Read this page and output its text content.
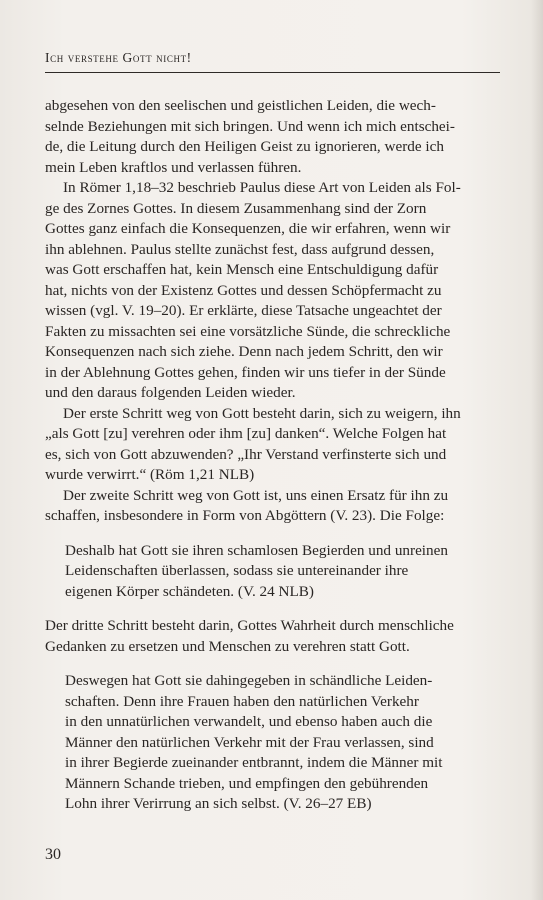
Ich verstehe Gott nicht!
abgesehen von den seelischen und geistlichen Leiden, die wech-
selnde Beziehungen mit sich bringen. Und wenn ich mich entschei-
de, die Leitung durch den Heiligen Geist zu ignorieren, werde ich
mein Leben kraftlos und verlassen führen.
In Römer 1,18–32 beschrieb Paulus diese Art von Leiden als Fol-
ge des Zornes Gottes. In diesem Zusammenhang sind der Zorn
Gottes ganz einfach die Konsequenzen, die wir erfahren, wenn wir
ihn ablehnen. Paulus stellte zunächst fest, dass aufgrund dessen,
was Gott erschaffen hat, kein Mensch eine Entschuldigung dafür
hat, nichts von der Existenz Gottes und dessen Schöpfermacht zu
wissen (vgl. V. 19–20). Er erklärte, diese Tatsache ungeachtet der
Fakten zu missachten sei eine vorsätzliche Sünde, die schreckliche
Konsequenzen nach sich ziehe. Denn nach jedem Schritt, den wir
in der Ablehnung Gottes gehen, finden wir uns tiefer in der Sünde
und den daraus folgenden Leiden wieder.
Der erste Schritt weg von Gott besteht darin, sich zu weigern, ihn
„als Gott [zu] verehren oder ihm [zu] danken“. Welche Folgen hat
es, sich von Gott abzuwenden? „Ihr Verstand verfinsterte sich und
wurde verwirrt.“ (Röm 1,21 NLB)
Der zweite Schritt weg von Gott ist, uns einen Ersatz für ihn zu
schaffen, insbesondere in Form von Abgöttern (V. 23). Die Folge:
Deshalb hat Gott sie ihren schamlosen Begierden und unreinen
Leidenschaften überlassen, sodass sie untereinander ihre
eigenen Körper schändeten. (V. 24 NLB)
Der dritte Schritt besteht darin, Gottes Wahrheit durch menschliche
Gedanken zu ersetzen und Menschen zu verehren statt Gott.
Deswegen hat Gott sie dahingegeben in schändliche Leiden-
schaften. Denn ihre Frauen haben den natürlichen Verkehr
in den unnatürlichen verwandelt, und ebenso haben auch die
Männer den natürlichen Verkehr mit der Frau verlassen, sind
in ihrer Begierde zueinander entbrannt, indem die Männer mit
Männern Schande trieben, und empfingen den gebührenden
Lohn ihrer Verirrung an sich selbst. (V. 26–27 EB)
30
